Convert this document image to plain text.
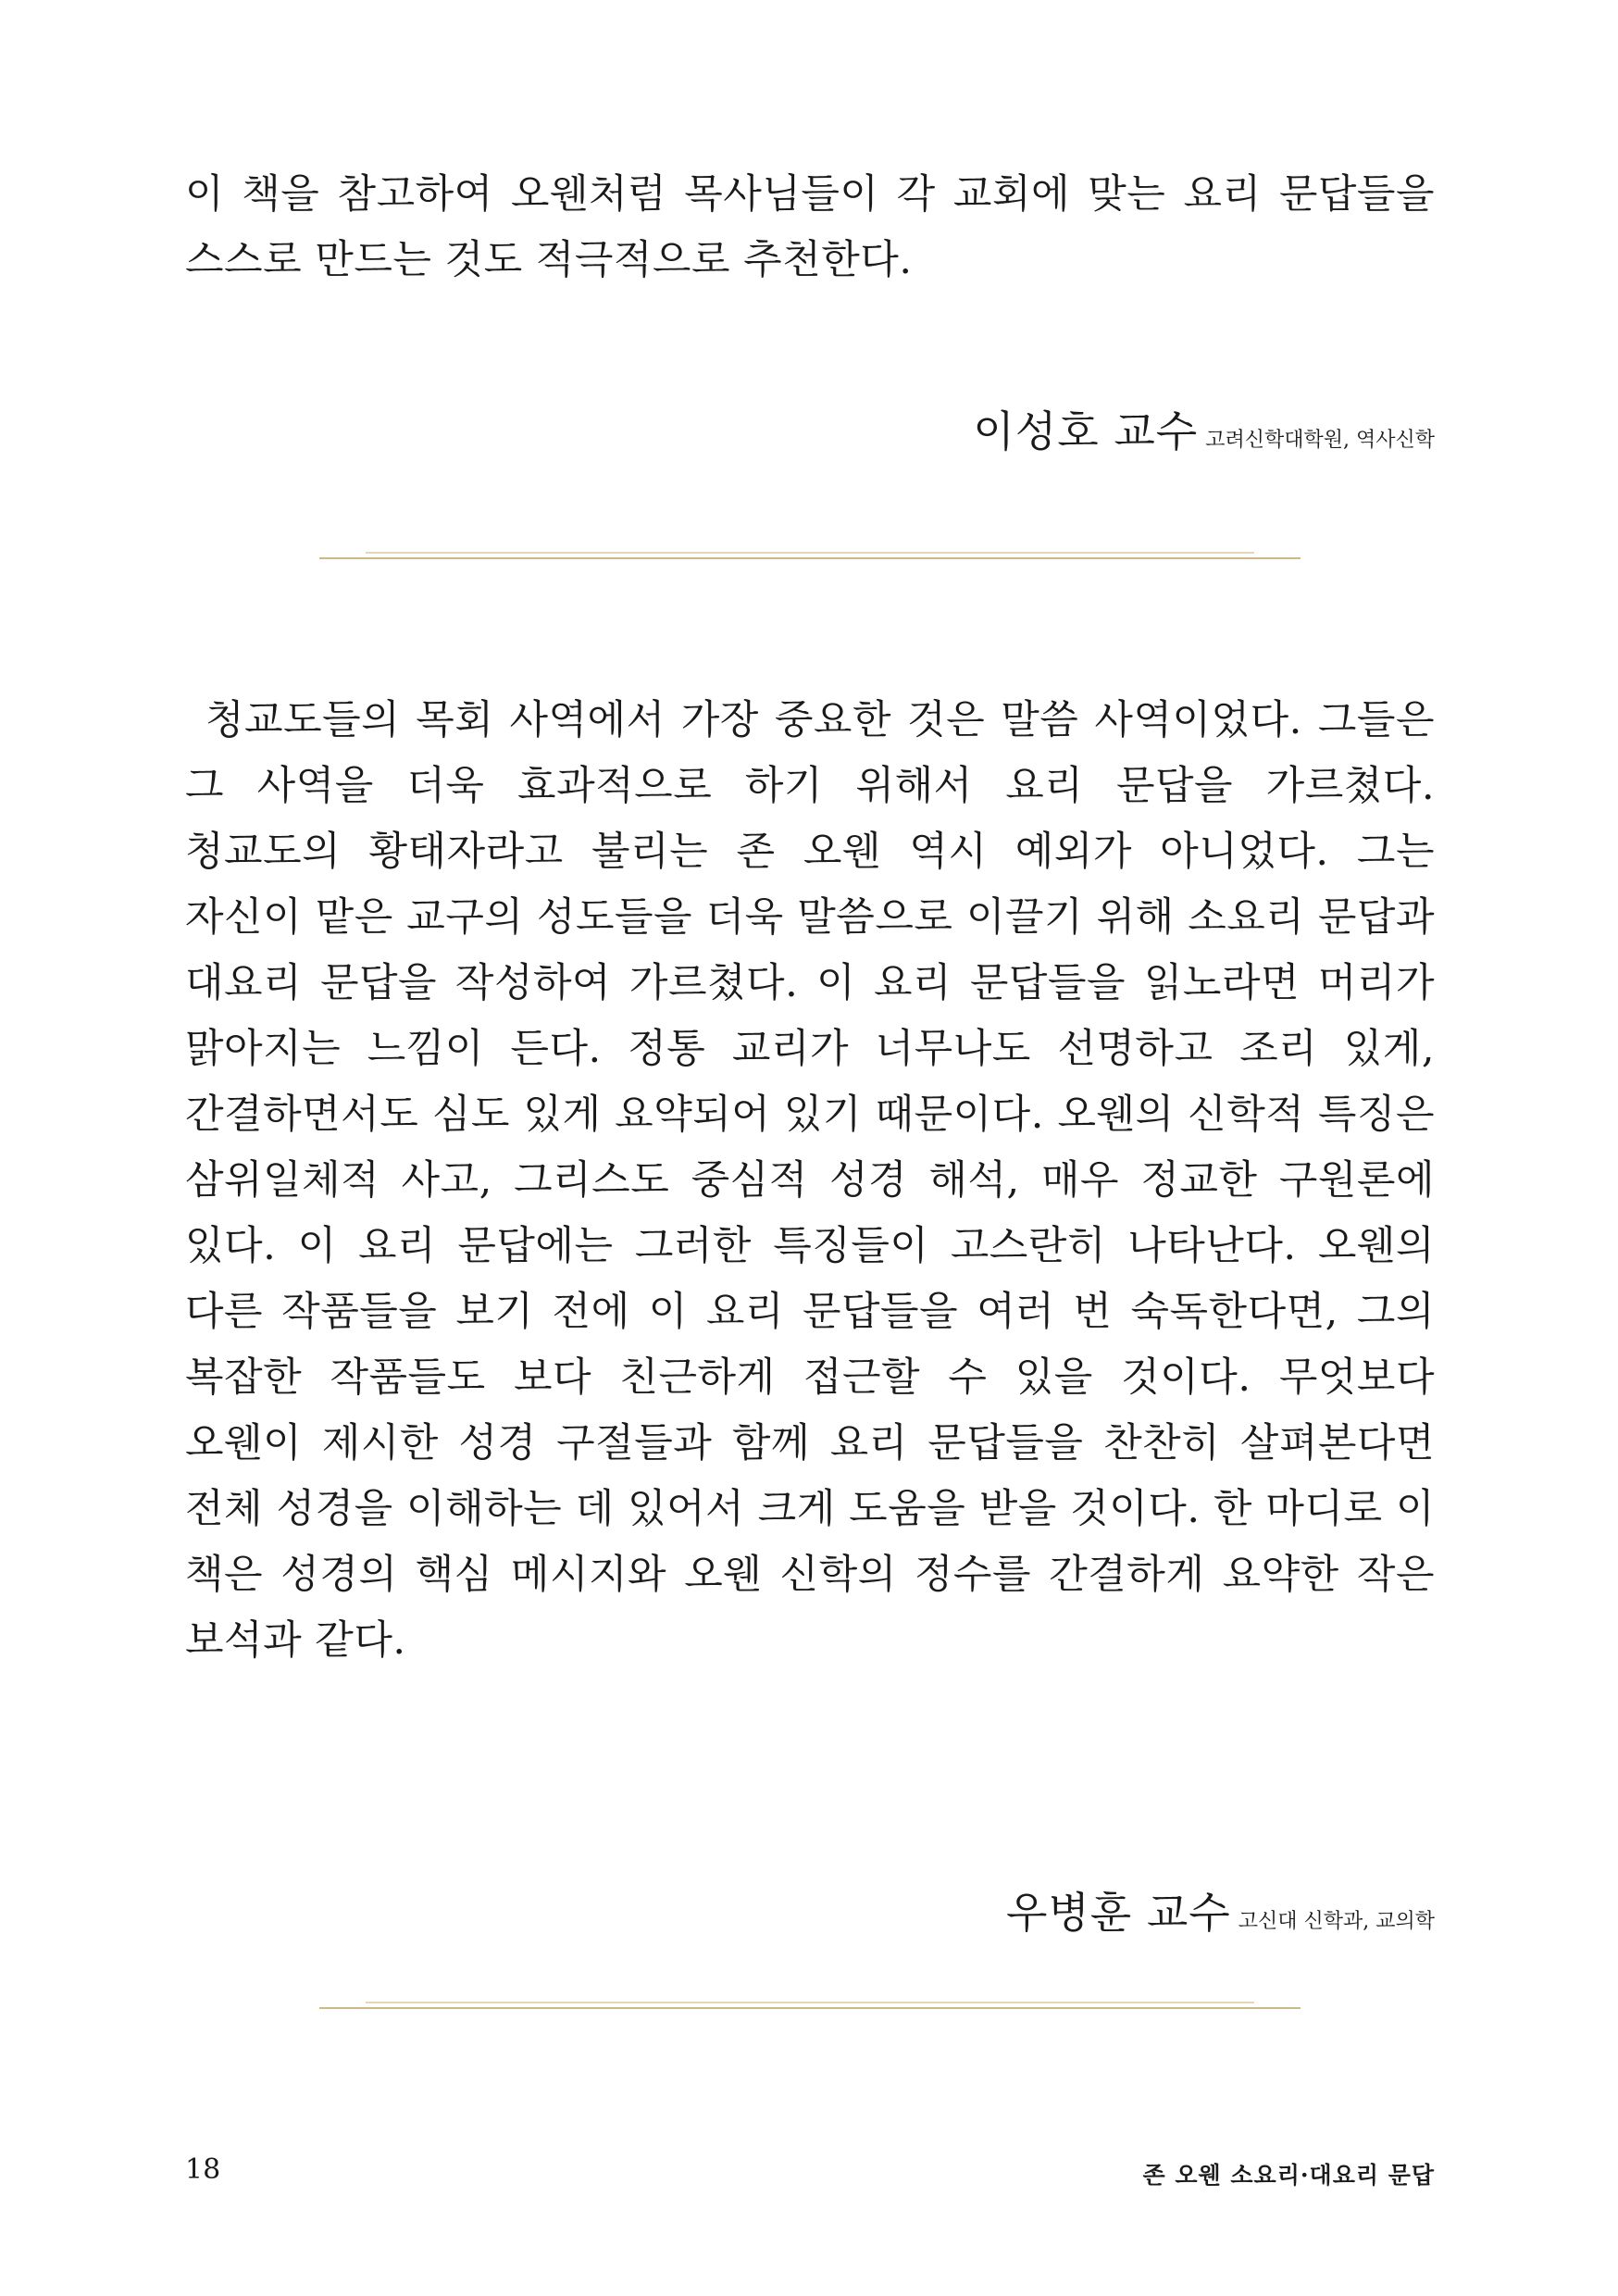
이 책을 참고하여 오웬처럼 목사님들이 각 교회에 맞는 요리 문답들을 스스로 만드는 것도 적극적으로 추천한다.

이성호 교수 고려신학대학원, 역사신학

청교도들의 목회 사역에서 가장 중요한 것은 말씀 사역이었다. 그들은 그 사역을 더욱 효과적으로 하기 위해서 요리 문답을 가르쳤다. 청교도의 황태자라고 불리는 존 오웬 역시 예외가 아니었다. 그는 자신이 맡은 교구의 성도들을 더욱 말씀으로 이끌기 위해 소요리 문답과 대요리 문답을 작성하여 가르쳤다. 이 요리 문답들을 읽노라면 머리가 맑아지는 느낌이 든다. 정통 교리가 너무나도 선명하고 조리 있게, 간결하면서도 심도 있게 요약되어 있기 때문이다. 오웬의 신학적 특징은 삼위일체적 사고, 그리스도 중심적 성경 해석, 매우 정교한 구원론에 있다. 이 요리 문답에는 그러한 특징들이 고스란히 나타난다. 오웬의 다른 작품들을 보기 전에 이 요리 문답들을 여러 번 숙독한다면, 그의 복잡한 작품들도 보다 친근하게 접근할 수 있을 것이다. 무엇보다 오웬이 제시한 성경 구절들과 함께 요리 문답들을 찬찬히 살펴본다면 전체 성경을 이해하는 데 있어서 크게 도움을 받을 것이다. 한 마디로 이 책은 성경의 핵심 메시지와 오웬 신학의 정수를 간결하게 요약한 작은 보석과 같다.

우병훈 교수 고신대 신학과, 교의학
18	존 오웬 소요리·대요리 문답
